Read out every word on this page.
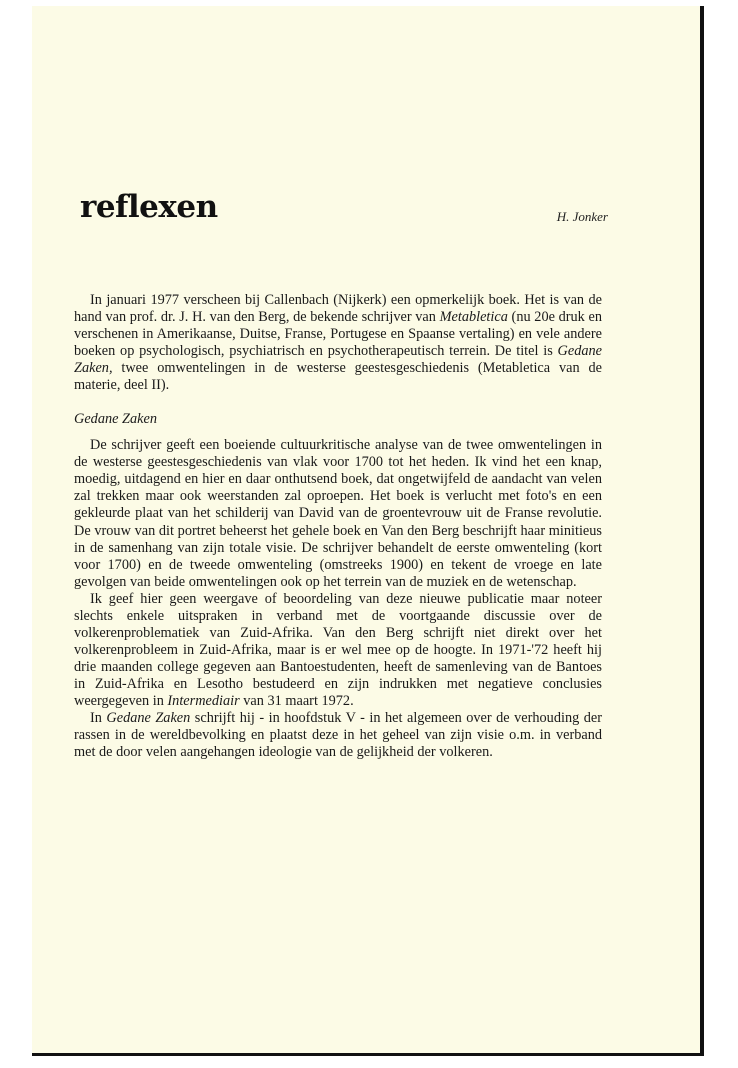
reflexen	H. Jonker

In januari 1977 verscheen bij Callenbach (Nijkerk) een opmerkelijk boek. Het is van de hand van prof. dr. J. H. van den Berg, de bekende schrijver van Metabletica (nu 20e druk en verschenen in Amerikaanse, Duitse, Franse, Portugese en Spaanse vertaling) en vele andere boeken op psychologisch, psychiatrisch en psychotherapeutisch terrein. De titel is Gedane Zaken, twee omwentelingen in de westerse geestesgeschiedenis (Metabletica van de materie, deel II).

Gedane Zaken

De schrijver geeft een boeiende cultuurkritische analyse van de twee omwentelingen in de westerse geestesgeschiedenis van vlak voor 1700 tot het heden. Ik vind het een knap, moedig, uitdagend en hier en daar onthutsend boek, dat ongetwijfeld de aandacht van velen zal trekken maar ook weerstanden zal oproepen. Het boek is verlucht met foto's en een gekleurde plaat van het schilderij van David van de groentevrouw uit de Franse revolutie. De vrouw van dit portret beheerst het gehele boek en Van den Berg beschrijft haar minitieus in de samenhang van zijn totale visie. De schrijver behandelt de eerste omwenteling (kort voor 1700) en de tweede omwenteling (omstreeks 1900) en tekent de vroege en late gevolgen van beide omwentelingen ook op het terrein van de muziek en de wetenschap.

Ik geef hier geen weergave of beoordeling van deze nieuwe publicatie maar noteer slechts enkele uitspraken in verband met de voortgaande discussie over de volkerenproblematiek van Zuid-Afrika. Van den Berg schrijft niet direkt over het volkerenprobleem in Zuid-Afrika, maar is er wel mee op de hoogte. In 1971-'72 heeft hij drie maanden college gegeven aan Bantoestudenten, heeft de samenleving van de Bantoes in Zuid-Afrika en Lesotho bestudeerd en zijn indrukken met negatieve conclusies weergegeven in Intermediair van 31 maart 1972.

In Gedane Zaken schrijft hij - in hoofdstuk V - in het algemeen over de verhouding der rassen in de wereldbevolking en plaatst deze in het geheel van zijn visie o.m. in verband met de door velen aangehangen ideologie van de gelijkheid der volkeren.
